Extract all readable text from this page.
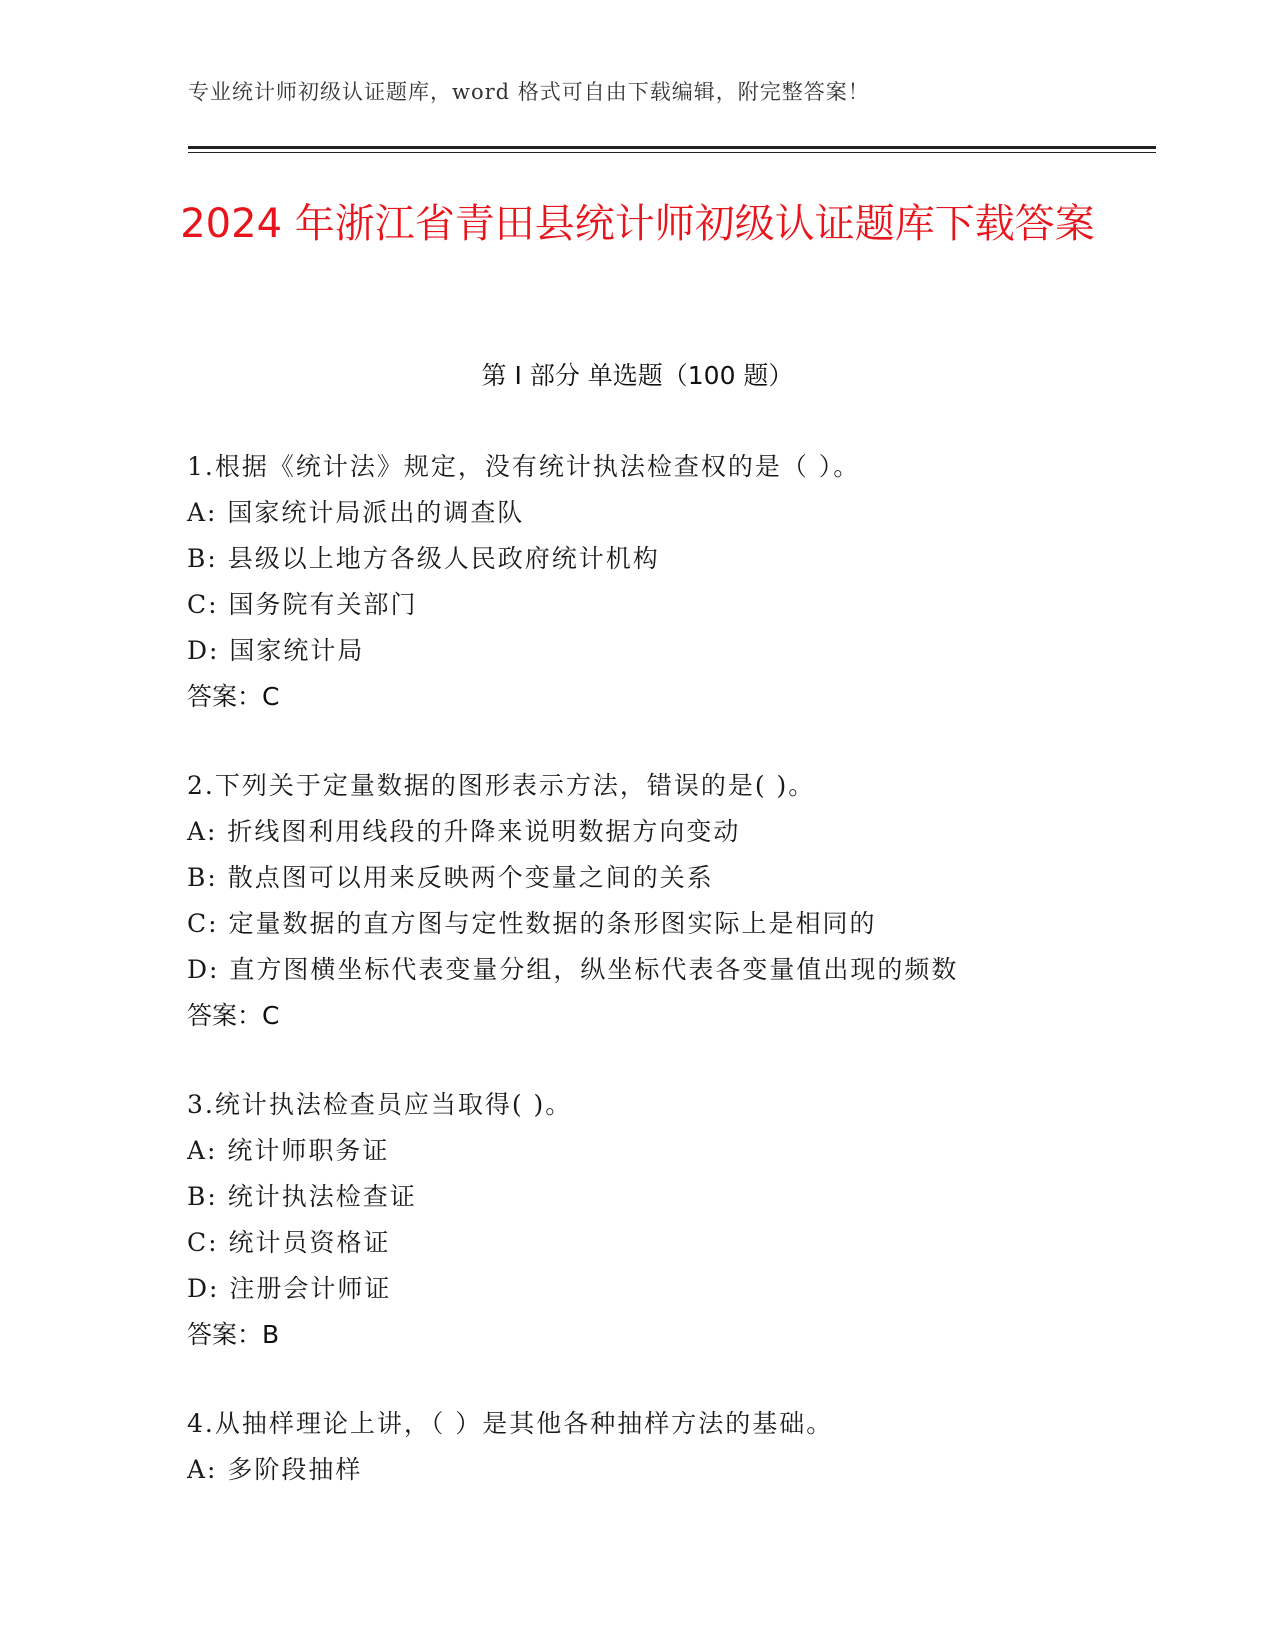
专业统计师初级认证题库，word 格式可自由下载编辑，附完整答案！
2024 年浙江省青田县统计师初级认证题库下载答案
第 I 部分 单选题（100 题）
1.根据《统计法》规定，没有统计执法检查权的是（ ）。
A: 国家统计局派出的调查队
B: 县级以上地方各级人民政府统计机构
C: 国务院有关部门
D: 国家统计局
答案：C
2.下列关于定量数据的图形表示方法，错误的是( )。
A: 折线图利用线段的升降来说明数据方向变动
B: 散点图可以用来反映两个变量之间的关系
C: 定量数据的直方图与定性数据的条形图实际上是相同的
D: 直方图横坐标代表变量分组，纵坐标代表各变量值出现的频数
答案：C
3.统计执法检查员应当取得( )。
A: 统计师职务证
B: 统计执法检查证
C: 统计员资格证
D: 注册会计师证
答案：B
4.从抽样理论上讲，（ ）是其他各种抽样方法的基础。
A: 多阶段抽样
